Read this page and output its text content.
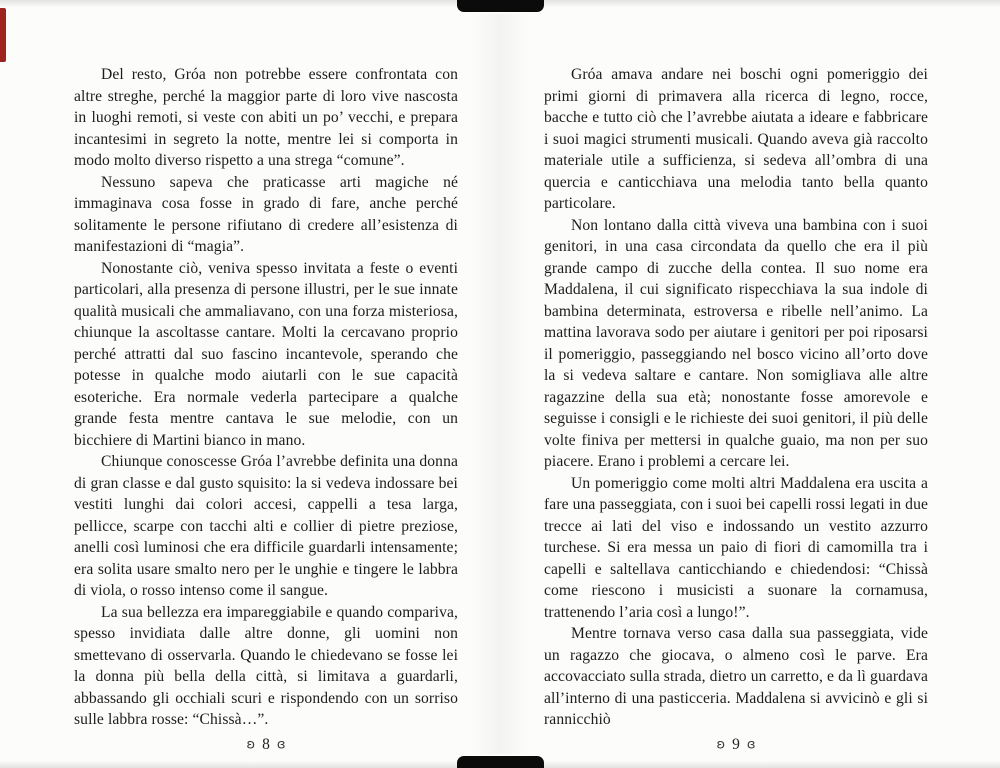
Del resto, Gróa non potrebbe essere confrontata con altre streghe, perché la maggior parte di loro vive nascosta in luoghi remoti, si veste con abiti un po’ vecchi, e prepara incantesimi in segreto la notte, mentre lei si comporta in modo molto diverso rispetto a una strega “comune”.

Nessuno sapeva che praticasse arti magiche né immaginava cosa fosse in grado di fare, anche perché solitamente le persone rifiutano di credere all’esistenza di manifestazioni di “magia”.

Nonostante ciò, veniva spesso invitata a feste o eventi particolari, alla presenza di persone illustri, per le sue innate qualità musicali che ammaliavano, con una forza misteriosa, chiunque la ascoltasse cantare. Molti la cercavano proprio perché attratti dal suo fascino incantevole, sperando che potesse in qualche modo aiutarli con le sue capacità esoteriche. Era normale vederla partecipare a qualche grande festa mentre cantava le sue melodie, con un bicchiere di Martini bianco in mano.

Chiunque conoscesse Gróa l’avrebbe definita una donna di gran classe e dal gusto squisito: la si vedeva indossare bei vestiti lunghi dai colori accesi, cappelli a tesa larga, pellicce, scarpe con tacchi alti e collier di pietre preziose, anelli così luminosi che era difficile guardarli intensamente; era solita usare smalto nero per le unghie e tingere le labbra di viola, o rosso intenso come il sangue.

La sua bellezza era impareggiabile e quando compariva, spesso invidiata dalle altre donne, gli uomini non smettevano di osservarla. Quando le chiedevano se fosse lei la donna più bella della città, si limitava a guardarli, abbassando gli occhiali scuri e rispondendo con un sorriso sulle labbra rosse: “Chissà…”.

Gróa amava andare nei boschi ogni pomeriggio dei primi giorni di primavera alla ricerca di legno, rocce, bacche e tutto ciò che l’avrebbe aiutata a ideare e fabbricare i suoi magici strumenti musicali. Quando aveva già raccolto materiale utile a sufficienza, si sedeva all’ombra di una quercia e canticchiava una melodia tanto bella quanto particolare.

Non lontano dalla città viveva una bambina con i suoi genitori, in una casa circondata da quello che era il più grande campo di zucche della contea. Il suo nome era Maddalena, il cui significato rispecchiava la sua indole di bambina determinata, estroversa e ribelle nell’animo. La mattina lavorava sodo per aiutare i genitori per poi riposarsi il pomeriggio, passeggiando nel bosco vicino all’orto dove la si vedeva saltare e cantare. Non somigliava alle altre ragazzine della sua età; nonostante fosse amorevole e seguisse i consigli e le richieste dei suoi genitori, il più delle volte finiva per mettersi in qualche guaio, ma non per suo piacere. Erano i problemi a cercare lei.

Un pomeriggio come molti altri Maddalena era uscita a fare una passeggiata, con i suoi bei capelli rossi legati in due trecce ai lati del viso e indossando un vestito azzurro turchese. Si era messa un paio di fiori di camomilla tra i capelli e saltellava canticchiando e chiedendosi: “Chissà come riescono i musicisti a suonare la cornamusa, trattenendo l’aria così a lungo!”.

Mentre tornava verso casa dalla sua passeggiata, vide un ragazzo che giocava, o almeno così le parve. Era accovacciato sulla strada, dietro un carretto, e da lì guardava all’interno di una pasticceria. Maddalena si avvicinò e gli si rannicchiò

ʚ 8 ɞ	ʚ 9 ɞ
